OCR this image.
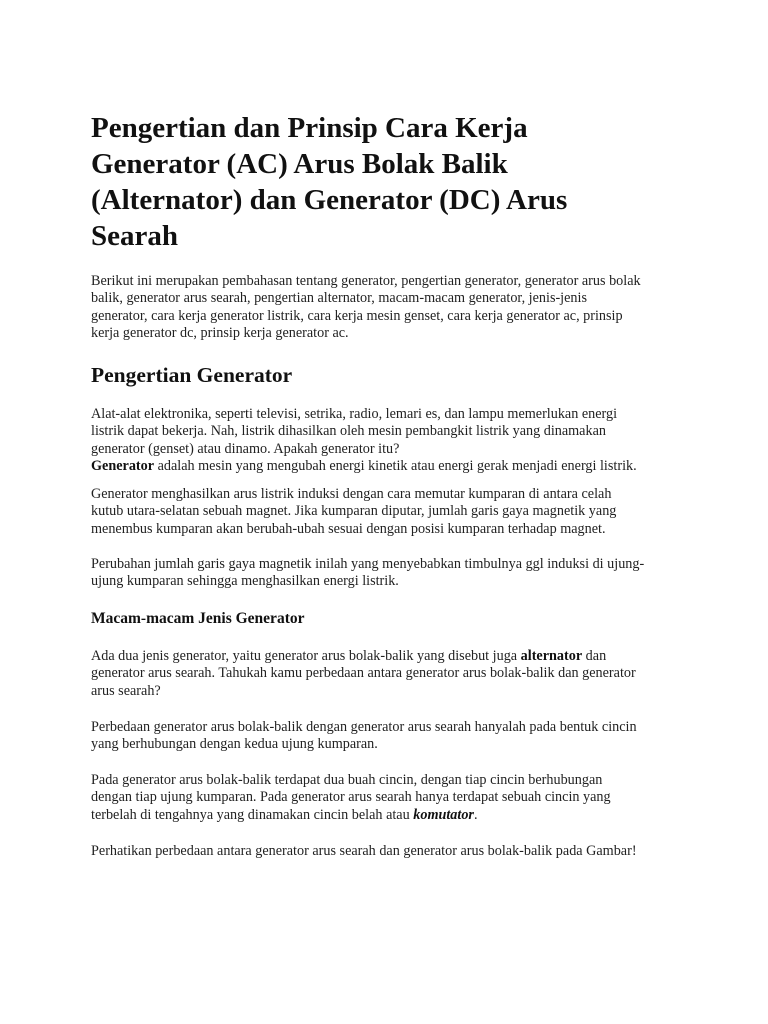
Pengertian dan Prinsip Cara Kerja
Generator (AC) Arus Bolak Balik
(Alternator) dan Generator (DC) Arus
Searah

Berikut ini merupakan pembahasan tentang generator, pengertian generator, generator arus bolak
balik, generator arus searah, pengertian alternator, macam-macam generator, jenis-jenis
generator, cara kerja generator listrik, cara kerja mesin genset, cara kerja generator ac, prinsip
kerja generator dc, prinsip kerja generator ac.

Pengertian Generator

Alat-alat elektronika, seperti televisi, setrika, radio, lemari es, dan lampu memerlukan energi
listrik dapat bekerja. Nah, listrik dihasilkan oleh mesin pembangkit listrik yang dinamakan
generator (genset) atau dinamo. Apakah generator itu?
Generator adalah mesin yang mengubah energi kinetik atau energi gerak menjadi energi listrik.

Generator menghasilkan arus listrik induksi dengan cara memutar kumparan di antara celah
kutub utara-selatan sebuah magnet. Jika kumparan diputar, jumlah garis gaya magnetik yang
menembus kumparan akan berubah-ubah sesuai dengan posisi kumparan terhadap magnet.

Perubahan jumlah garis gaya magnetik inilah yang menyebabkan timbulnya ggl induksi di ujung-
ujung kumparan sehingga menghasilkan energi listrik.

Macam-macam Jenis Generator

Ada dua jenis generator, yaitu generator arus bolak-balik yang disebut juga alternator dan
generator arus searah. Tahukah kamu perbedaan antara generator arus bolak-balik dan generator
arus searah?

Perbedaan generator arus bolak-balik dengan generator arus searah hanyalah pada bentuk cincin
yang berhubungan dengan kedua ujung kumparan.

Pada generator arus bolak-balik terdapat dua buah cincin, dengan tiap cincin berhubungan
dengan tiap ujung kumparan. Pada generator arus searah hanya terdapat sebuah cincin yang
terbelah di tengahnya yang dinamakan cincin belah atau komutator.

Perhatikan perbedaan antara generator arus searah dan generator arus bolak-balik pada Gambar!
